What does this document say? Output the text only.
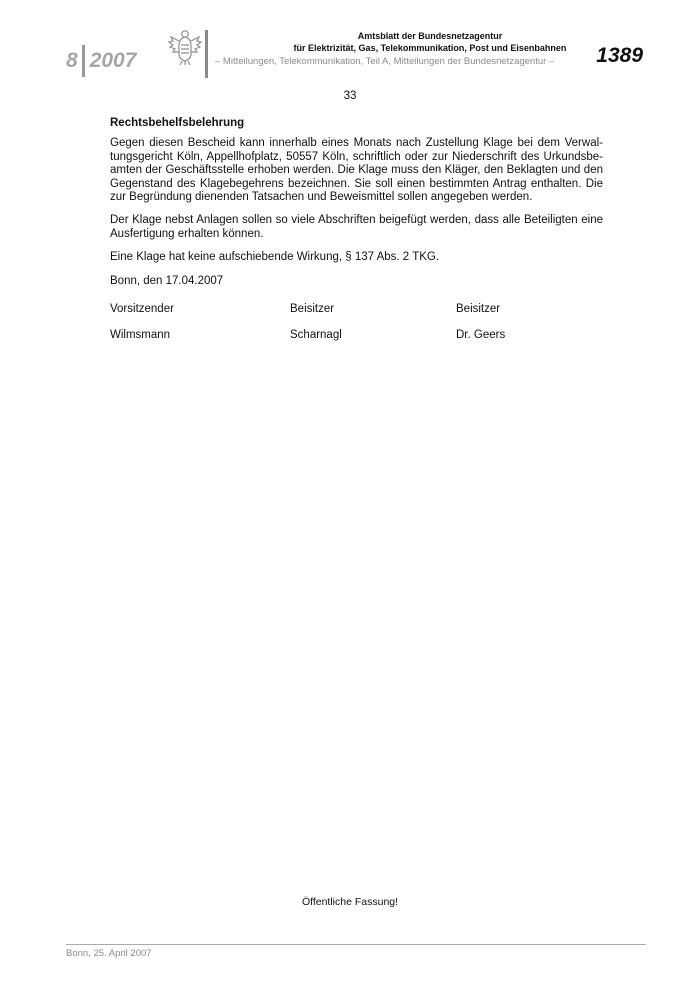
8 2007
Amtsblatt der Bundesnetzagentur
für Elektrizität, Gas, Telekommunikation, Post und Eisenbahnen
– Mitteilungen, Telekommunikation, Teil A, Mitteilungen der Bundesnetzagentur – 1389
33
Rechtsbehelfsbelehrung

Gegen diesen Bescheid kann innerhalb eines Monats nach Zustellung Klage bei dem Verwaltungsgericht Köln, Appellhofplatz, 50557 Köln, schriftlich oder zur Niederschrift des Urkundsbeamten der Geschäftsstelle erhoben werden. Die Klage muss den Kläger, den Beklagten und den Gegenstand des Klagebegehrens bezeichnen. Sie soll einen bestimmten Antrag enthalten. Die zur Begründung dienenden Tatsachen und Beweismittel sollen angegeben werden.

Der Klage nebst Anlagen sollen so viele Abschriften beigefügt werden, dass alle Beteiligten eine Ausfertigung erhalten können.

Eine Klage hat keine aufschiebende Wirkung, § 137 Abs. 2 TKG.

Bonn, den 17.04.2007

Vorsitzender	Beisitzer	Beisitzer
Wilmsmann	Scharnagl	Dr. Geers
Öffentliche Fassung!
Bonn, 25. April 2007
